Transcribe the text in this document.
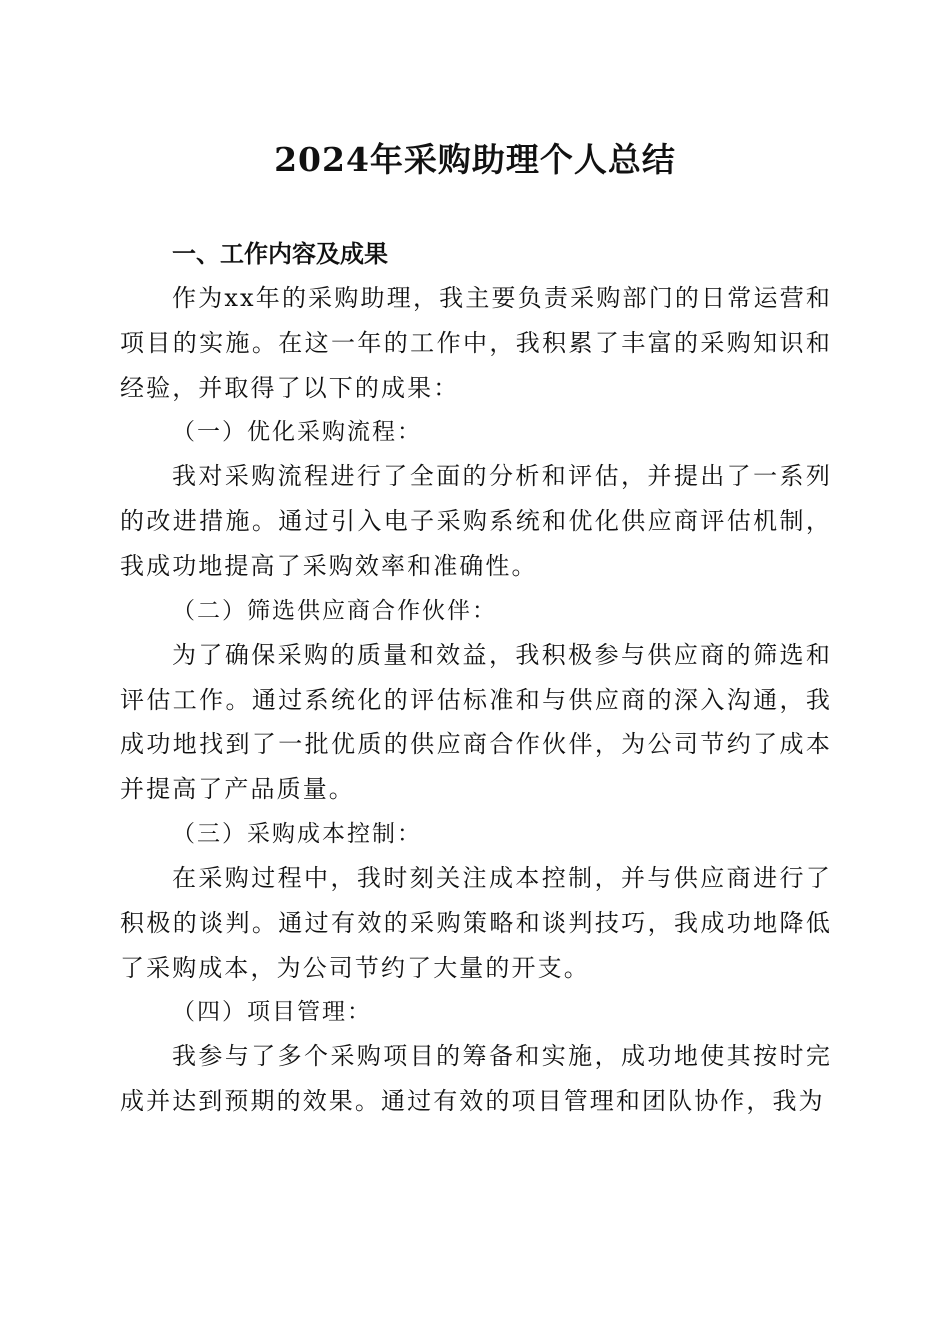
2024年采购助理个人总结

一、工作内容及成果

作为xx年的采购助理，我主要负责采购部门的日常运营和项目的实施。在这一年的工作中，我积累了丰富的采购知识和经验，并取得了以下的成果：

（一）优化采购流程：

我对采购流程进行了全面的分析和评估，并提出了一系列的改进措施。通过引入电子采购系统和优化供应商评估机制，我成功地提高了采购效率和准确性。

（二）筛选供应商合作伙伴：

为了确保采购的质量和效益，我积极参与供应商的筛选和评估工作。通过系统化的评估标准和与供应商的深入沟通，我成功地找到了一批优质的供应商合作伙伴，为公司节约了成本并提高了产品质量。

（三）采购成本控制：

在采购过程中，我时刻关注成本控制，并与供应商进行了积极的谈判。通过有效的采购策略和谈判技巧，我成功地降低了采购成本，为公司节约了大量的开支。

（四）项目管理：

我参与了多个采购项目的筹备和实施，成功地使其按时完成并达到预期的效果。通过有效的项目管理和团队协作，我为
